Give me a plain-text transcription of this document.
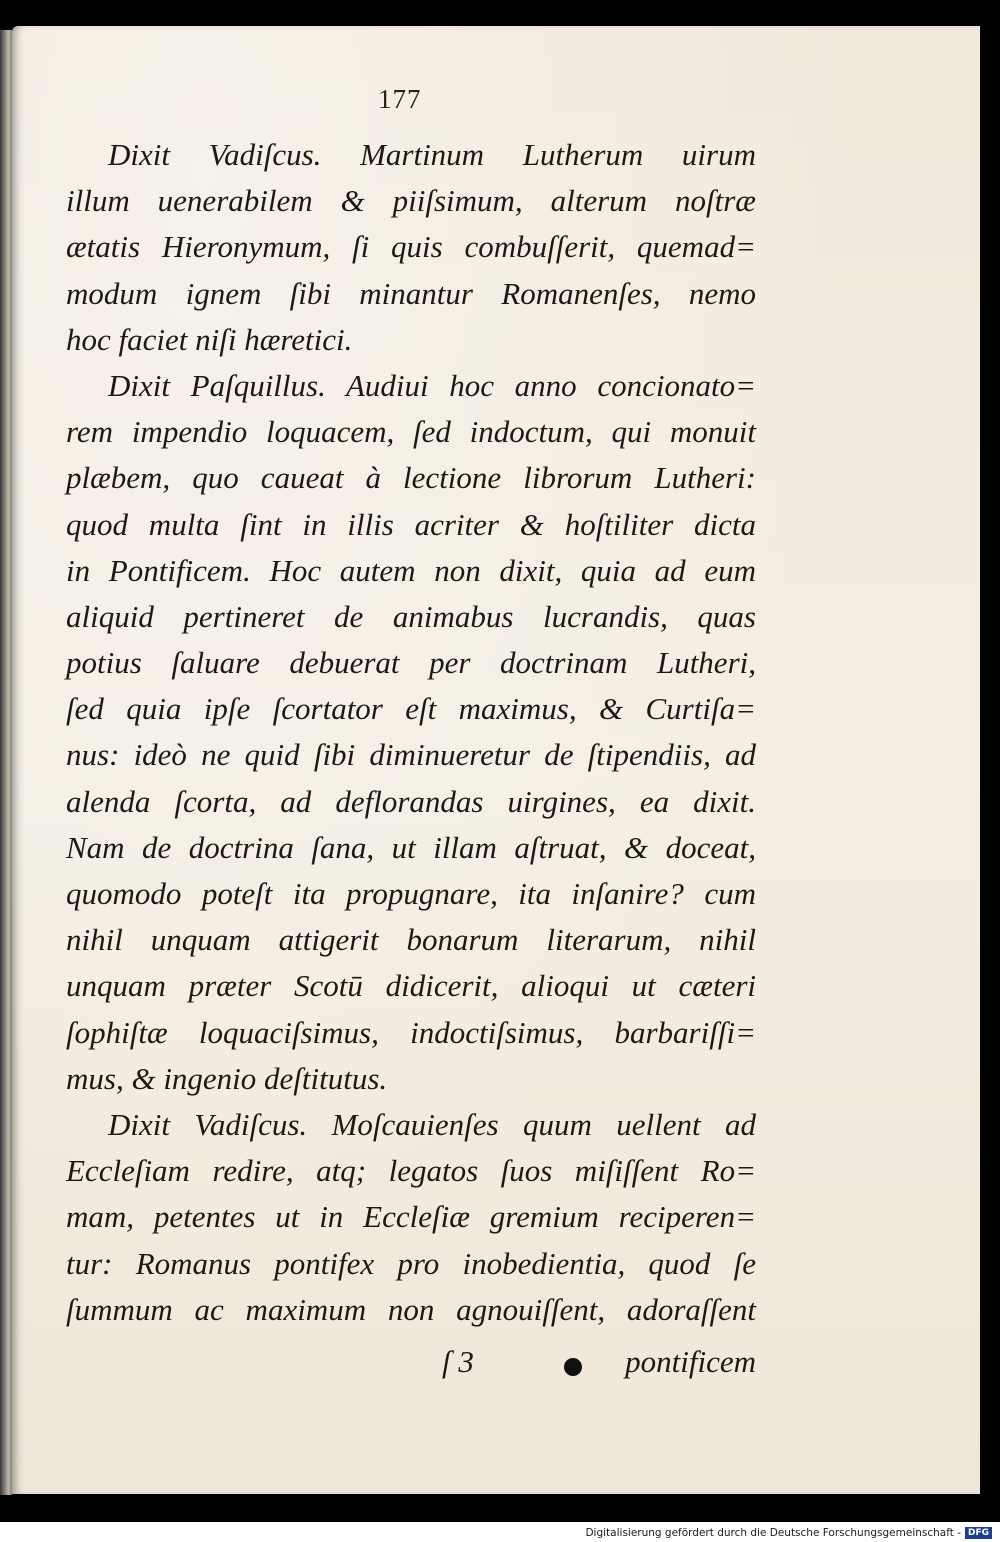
177
Dixit Vadiſcus. Martinum Lutherum uirum
illum uenerabilem & piiſsimum, alterum noſtræ
ætatis Hieronymum, ſi quis combuſſerit, quemad=
modum ignem ſibi minantur Romanenſes, nemo
hoc faciet niſi hæretici.
Dixit Paſquillus. Audiui hoc anno concionato=
rem impendio loquacem, ſed indoctum, qui monuit
plæbem, quo caueat à lectione librorum Lutheri:
quod multa ſint in illis acriter & hoſtiliter dicta
in Pontificem. Hoc autem non dixit, quia ad eum
aliquid pertineret de animabus lucrandis, quas
potius ſaluare debuerat per doctrinam Lutheri,
ſed quia ipſe ſcortator eſt maximus, & Curtiſa=
nus: ideò ne quid ſibi diminueretur de ſtipendiis, ad
alenda ſcorta, ad deflorandas uirgines, ea dixit.
Nam de doctrina ſana, ut illam aſtruat, & doceat,
quomodo poteſt ita propugnare, ita inſanire? cum
nihil unquam attigerit bonarum literarum, nihil
unquam præter Scotū didicerit, alioqui ut cæteri
ſophiſtæ loquaciſsimus, indoctiſsimus, barbariſſi=
mus, & ingenio deſtitutus.
Dixit Vadiſcus. Moſcauienſes quum uellent ad
Eccleſiam redire, atq; legatos ſuos miſiſſent Ro=
mam, petentes ut in Eccleſiæ gremium reciperen=
tur: Romanus pontifex pro inobedientia, quod ſe
ſummum ac maximum non agnouiſſent, adoraſſent
ſ 3	pontificem
Digitalisierung gefördert durch die Deutsche Forschungsgemeinschaft - DFG
